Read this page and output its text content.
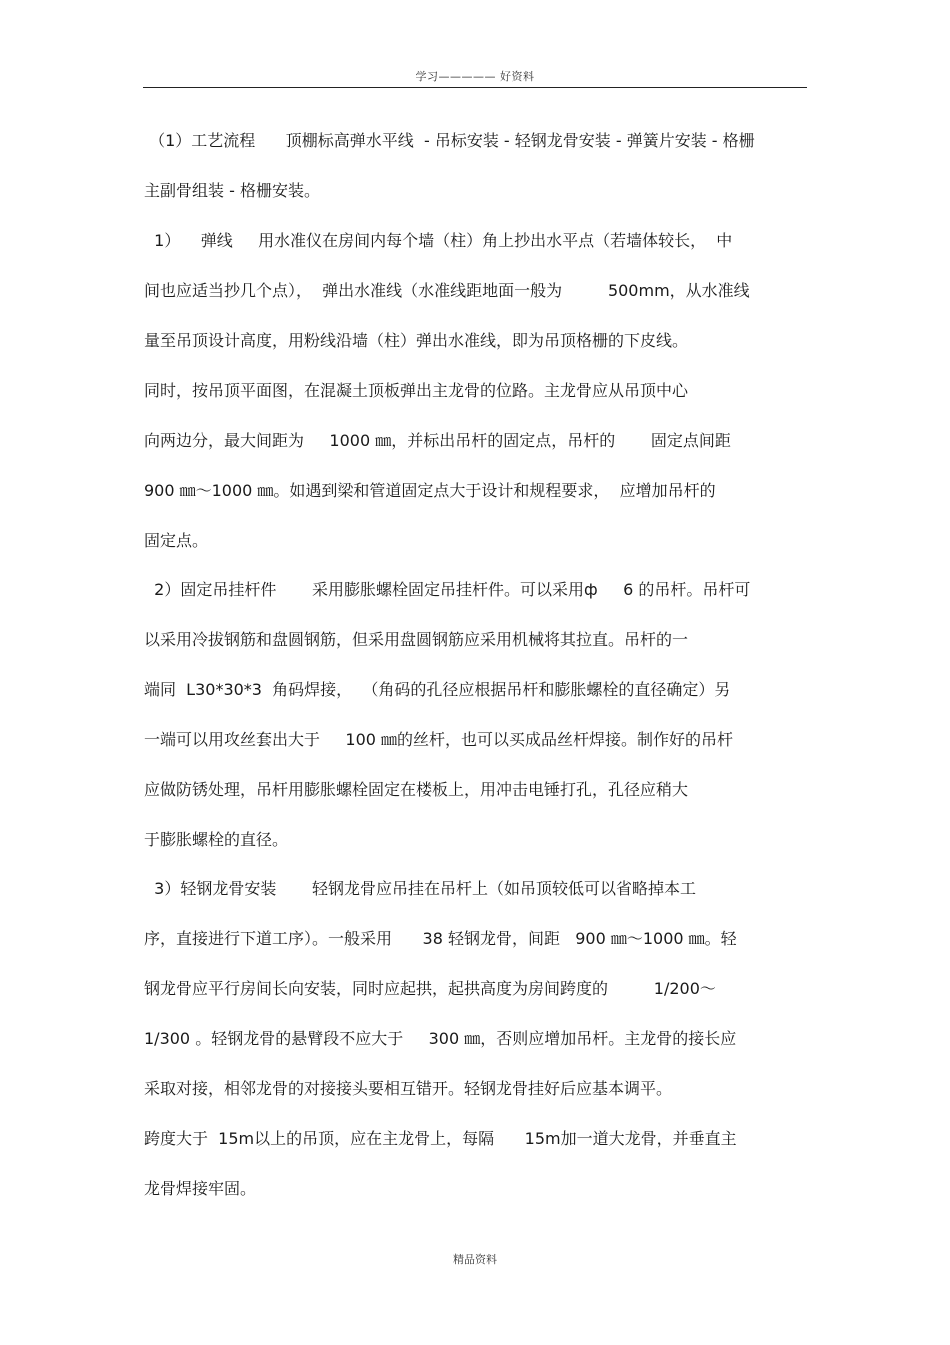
学习————— 好资料
（1）工艺流程      顶棚标高弹水平线  - 吊标安装 - 轻钢龙骨安装 - 弹簧片安装 - 格栅
主副骨组装 - 格栅安装。
1）    弹线     用水准仪在房间内每个墙（柱）角上抄出水平点（若墙体较长，  中
间也应适当抄几个点），  弹出水准线（水准线距地面一般为         500mm，从水准线
量至吊顶设计高度，用粉线沿墙（柱）弹出水准线，即为吊顶格栅的下皮线。
同时，按吊顶平面图，在混凝土顶板弹出主龙骨的位路。主龙骨应从吊顶中心
向两边分，最大间距为     1000 ㎜，并标出吊杆的固定点，吊杆的       固定点间距
900 ㎜～1000 ㎜。如遇到梁和管道固定点大于设计和规程要求，  应增加吊杆的
固定点。
2）固定吊挂杆件       采用膨胀螺栓固定吊挂杆件。可以采用ф     6 的吊杆。吊杆可
以采用冷拔钢筋和盘圆钢筋，但采用盘圆钢筋应采用机械将其拉直。吊杆的一
端同  L30*30*3  角码焊接，  （角码的孔径应根据吊杆和膨胀螺栓的直径确定）另
一端可以用攻丝套出大于     100 ㎜的丝杆，也可以买成品丝杆焊接。制作好的吊杆
应做防锈处理，吊杆用膨胀螺栓固定在楼板上，用冲击电锤打孔，孔径应稍大
于膨胀螺栓的直径。
3）轻钢龙骨安装       轻钢龙骨应吊挂在吊杆上（如吊顶较低可以省略掉本工
序，直接进行下道工序）。一般采用      38 轻钢龙骨，间距   900 ㎜～1000 ㎜。轻
钢龙骨应平行房间长向安装，同时应起拱，起拱高度为房间跨度的         1/200～
1/300 。轻钢龙骨的悬臂段不应大于     300 ㎜，否则应增加吊杆。主龙骨的接长应
采取对接，相邻龙骨的对接接头要相互错开。轻钢龙骨挂好后应基本调平。
跨度大于  15m以上的吊顶，应在主龙骨上，每隔      15m加一道大龙骨，并垂直主
龙骨焊接牢固。
精品资料
